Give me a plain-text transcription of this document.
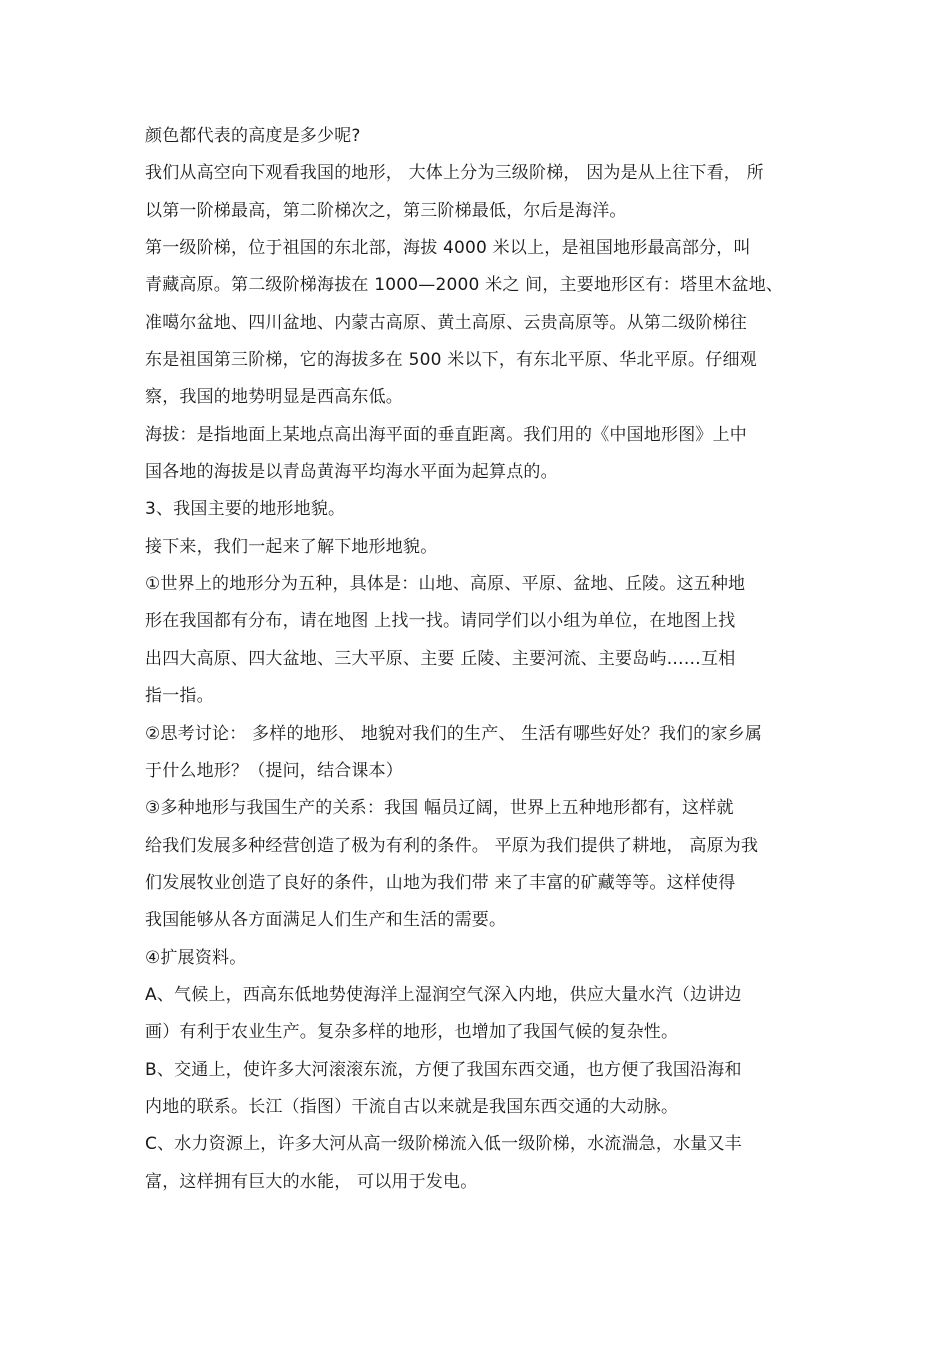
颜色都代表的高度是多少呢?
我们从高空向下观看我国的地形， 大体上分为三级阶梯， 因为是从上往下看， 所
以第一阶梯最高，第二阶梯次之，第三阶梯最低，尔后是海洋。
第一级阶梯，位于祖国的东北部，海拔 4000 米以上，是祖国地形最高部分，叫
青藏高原。第二级阶梯海拔在 1000—2000 米之 间，主要地形区有：塔里木盆地、
准噶尔盆地、四川盆地、内蒙古高原、黄土高原、云贵高原等。从第二级阶梯往
东是祖国第三阶梯，它的海拔多在 500 米以下，有东北平原、华北平原。仔细观
察，我国的地势明显是西高东低。
海拔：是指地面上某地点高出海平面的垂直距离。我们用的《中国地形图》上中
国各地的海拔是以青岛黄海平均海水平面为起算点的。
3、我国主要的地形地貌。
接下来，我们一起来了解下地形地貌。
①世界上的地形分为五种，具体是：山地、高原、平原、盆地、丘陵。这五种地
形在我国都有分布，请在地图 上找一找。请同学们以小组为单位，在地图上找
出四大高原、四大盆地、三大平原、主要 丘陵、主要河流、主要岛屿……互相
指一指。
②思考讨论： 多样的地形、 地貌对我们的生产、 生活有哪些好处？我们的家乡属
于什么地形？（提问，结合课本）
③多种地形与我国生产的关系：我国 幅员辽阔，世界上五种地形都有，这样就
给我们发展多种经营创造了极为有利的条件。 平原为我们提供了耕地， 高原为我
们发展牧业创造了良好的条件，山地为我们带 来了丰富的矿藏等等。这样使得
我国能够从各方面满足人们生产和生活的需要。
④扩展资料。
A、气候上，西高东低地势使海洋上湿润空气深入内地，供应大量水汽（边讲边
画）有利于农业生产。复杂多样的地形，也增加了我国气候的复杂性。
B、交通上，使许多大河滚滚东流，方便了我国东西交通，也方便了我国沿海和
内地的联系。长江（指图）干流自古以来就是我国东西交通的大动脉。
C、水力资源上，许多大河从高一级阶梯流入低一级阶梯，水流湍急，水量又丰
富，这样拥有巨大的水能， 可以用于发电。
